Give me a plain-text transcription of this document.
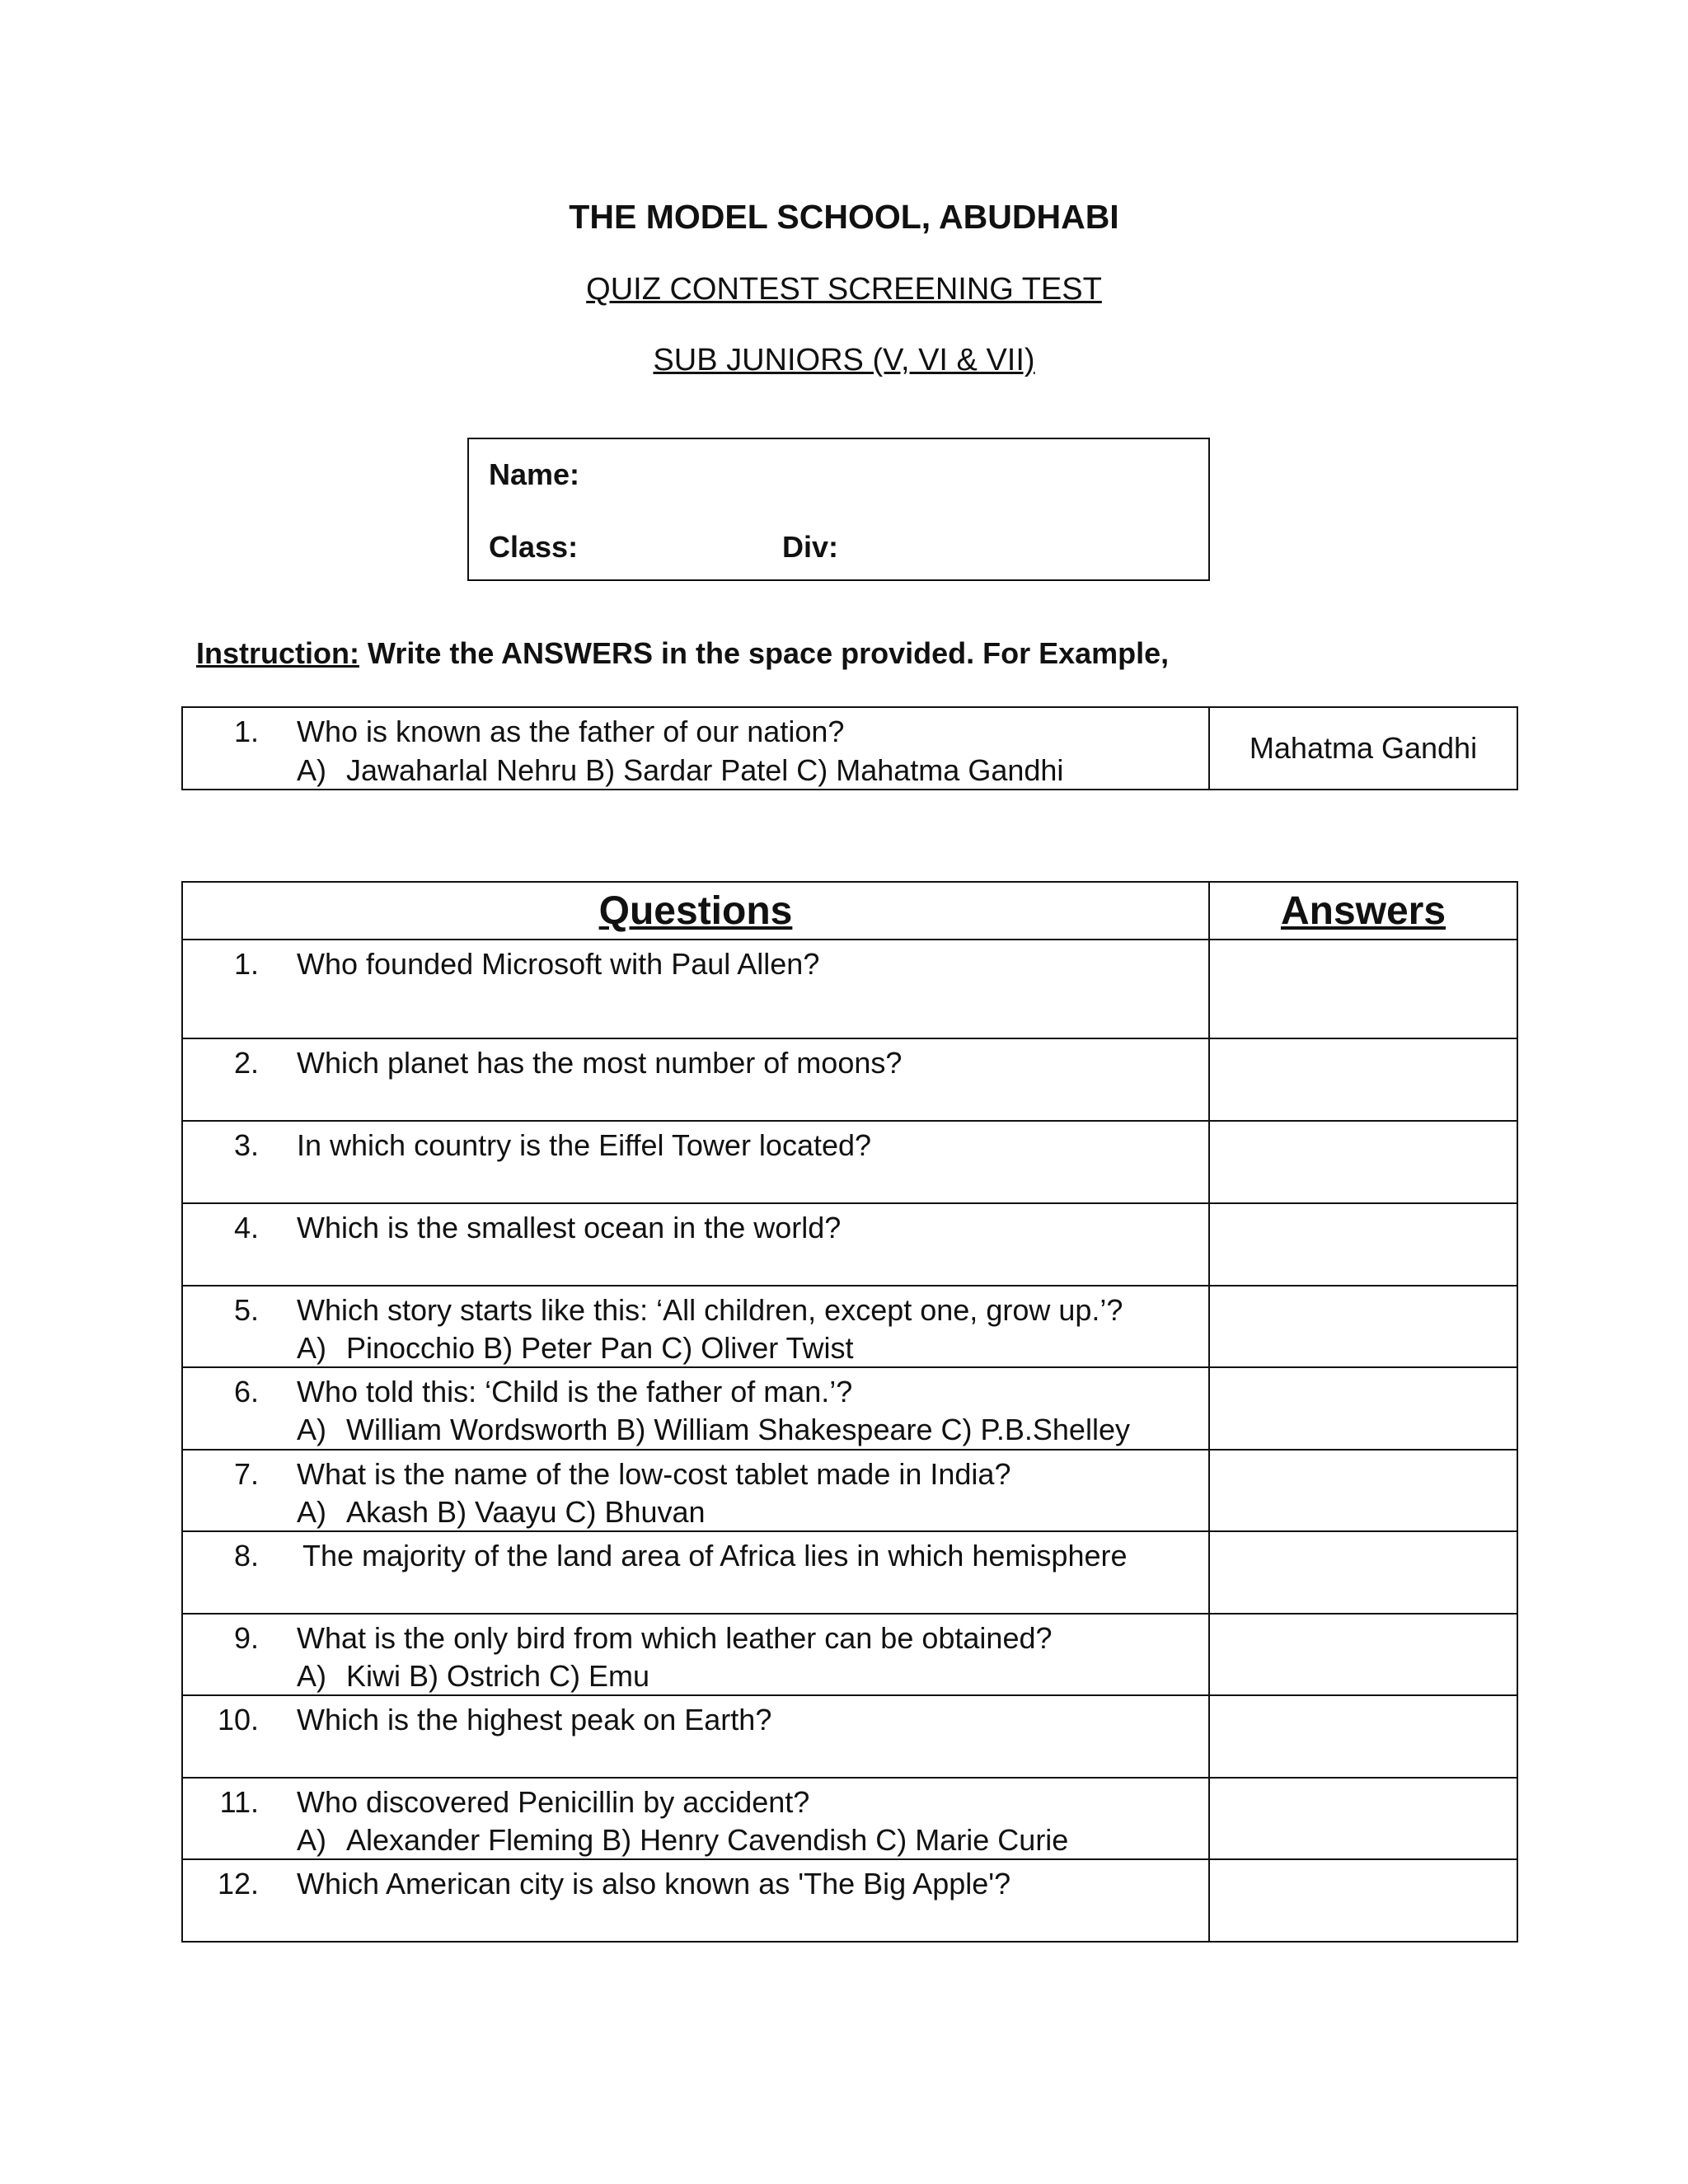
THE MODEL SCHOOL, ABUDHABI
QUIZ CONTEST SCREENING TEST
SUB JUNIORS (V, VI & VII)
Name:
Class:	Div:
Instruction: Write the ANSWERS in the space provided. For Example,
1. Who is known as the father of our nation?
A) Jawaharlal Nehru B) Sardar Patel C) Mahatma Gandhi
	Mahatma Gandhi
Questions	Answers

1. Who founded Microsoft with Paul Allen?	

2. Which planet has the most number of moons?	

3. In which country is the Eiffel Tower located?	

4. Which is the smallest ocean in the world?	

5. Which story starts like this: ‘All children, except one, grow up.’?
A) Pinocchio B) Peter Pan C) Oliver Twist	

6. Who told this: ‘Child is the father of man.’?
A) William Wordsworth B) William Shakespeare C) P.B.Shelley	

7. What is the name of the low-cost tablet made in India?
A) Akash B) Vaayu C) Bhuvan	

8. The majority of the land area of Africa lies in which hemisphere	

9. What is the only bird from which leather can be obtained?
A) Kiwi B) Ostrich C) Emu	

10. Which is the highest peak on Earth?	

11. Who discovered Penicillin by accident?
A) Alexander Fleming B) Henry Cavendish C) Marie Curie	

12. Which American city is also known as 'The Big Apple'?	
